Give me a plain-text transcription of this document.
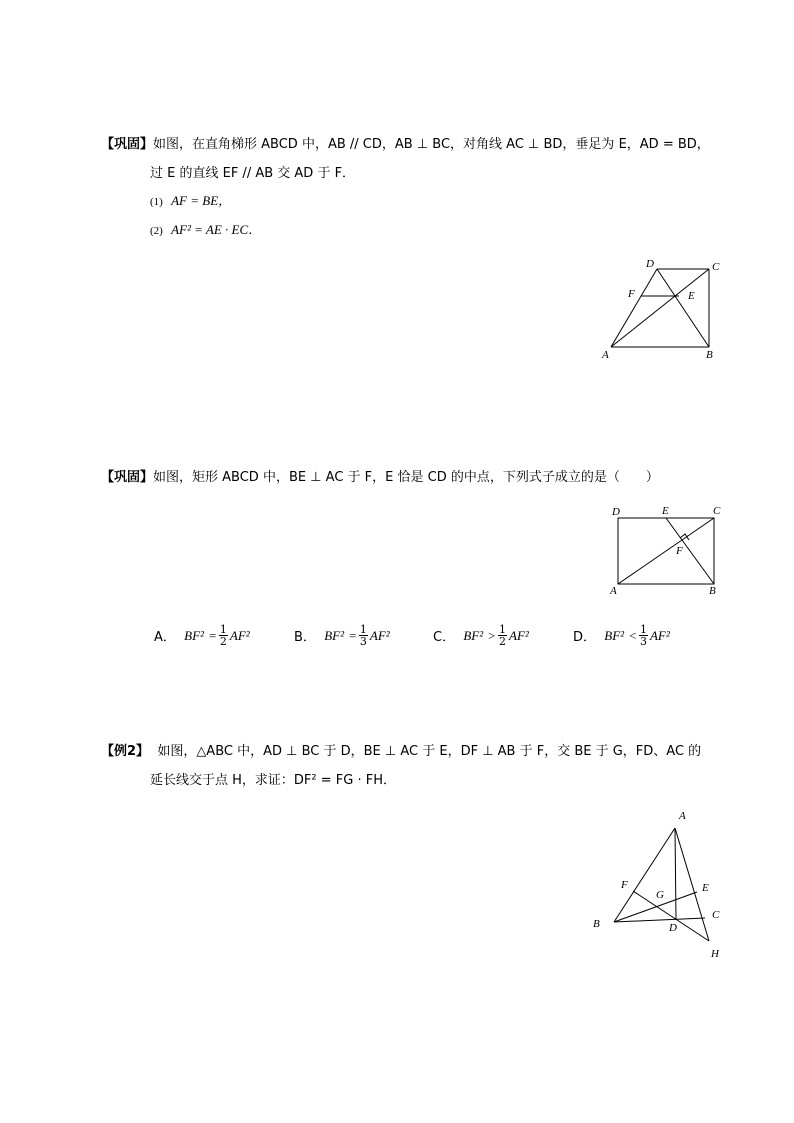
【巩固】如图，在直角梯形 ABCD 中，AB // CD，AB ⊥ BC，对角线 AC ⊥ BD，垂足为 E，AD = BD，
过 E 的直线 EF // AB 交 AD 于 F．
(1) AF = BE，
(2) AF² = AE · EC．
D	C
F	E
A	B
【巩固】如图，矩形 ABCD 中，BE ⊥ AC 于 F，E 恰是 CD 的中点，下列式子成立的是（　　）
D	E	C
F
A	B
A．
BF²
= $\frac{1}{2} AF^2$	B．
BF²
= $\frac{1}{3} AF^2$	C．
BF²
> $\frac{1}{2} AF^2$	D．
BF²
< $\frac{1}{3} AF^2$
【例2】 如图，△ABC 中，AD ⊥ BC 于 D，BE ⊥ AC 于 E，DF ⊥ AB 于 F，交 BE 于 G，FD、AC 的
延长线交于点 H，求证：DF² = FG · FH．
A
F
G
E
B
C
D
H
